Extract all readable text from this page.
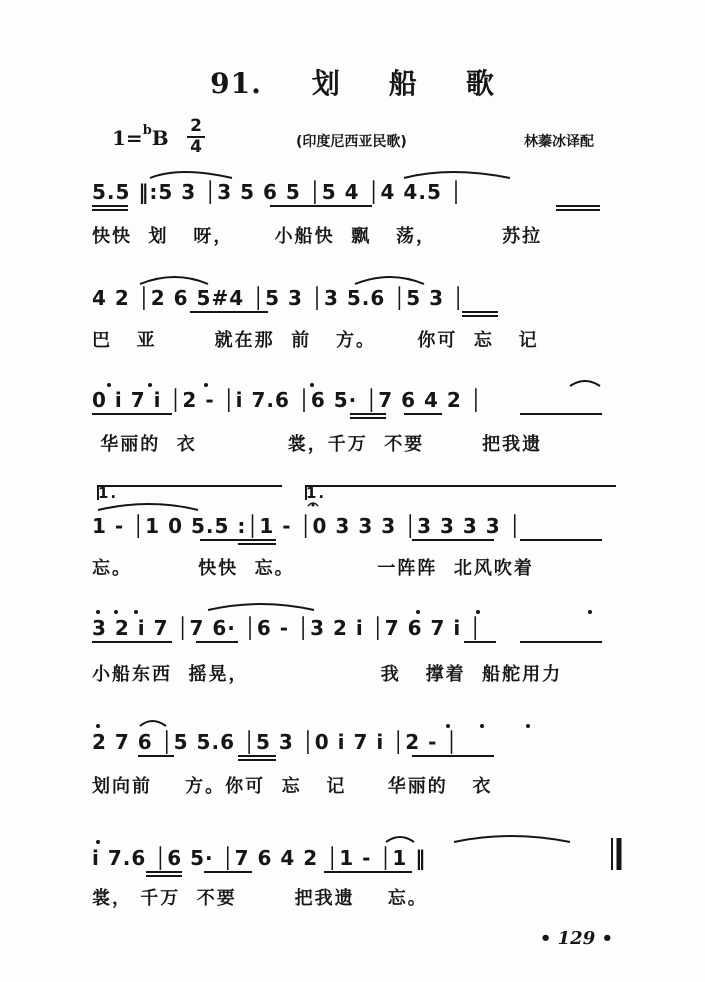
91. 划 船 歌
1=$^b$B 2
4	(印度尼西亚民歌)	林蓁冰译配
5.5 ‖:5 3 │3 5 6 5 │5 4 │4 4.5 │
快快  划   呀，     小船快  飘   荡，        苏拉
4 2 │2 6 5#4 │5 3 │3 5.6 │5 3 │
巴   亚       就在那  前   方。     你可  忘   记
0 i 7 i │2 - │i 7.6 │6 5· │7 6 4 2 │
华丽的  衣           裳，千万  不要       把我遗
1.	1.
1 - │1 0 5.5 :│1 - │0 3 3 3 │3 3 3 3 │
忘。        快快  忘。          一阵阵  北风吹着
3 2 i 7 │7 6· │6 - │3 2 i │7 6 7 i │
小船东西  摇晃，                我   撑着  船舵用力
2 7 6 │5 5.6 │5 3 │0 i 7 i │2 - │
划向前    方。你可  忘   记     华丽的   衣
i 7.6 │6 5· │7 6 4 2 │1 - │1 ‖
裳， 千万  不要       把我遗    忘。
• 129 •
